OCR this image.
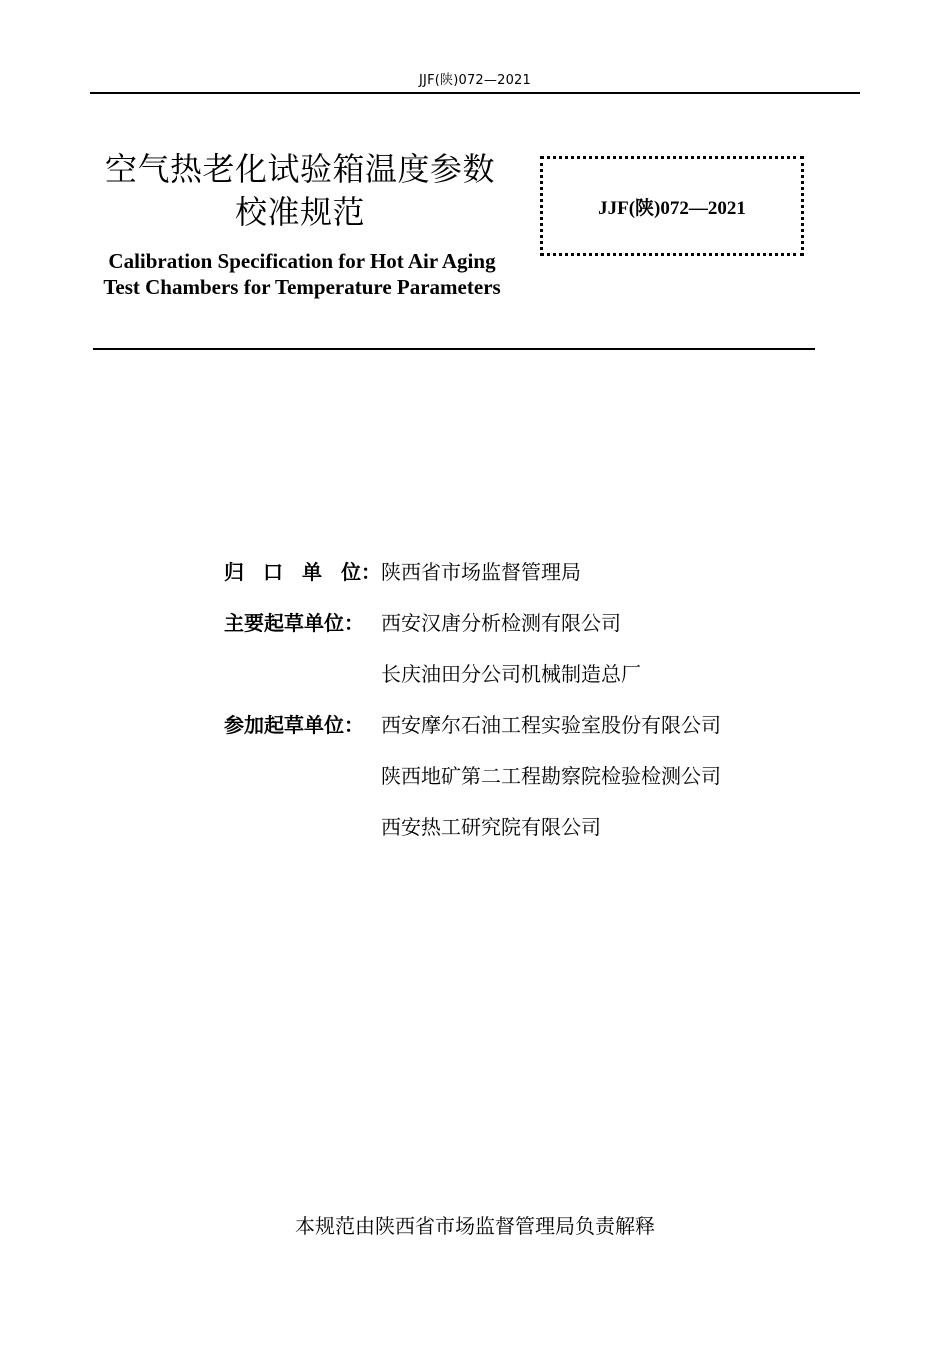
JJF(陕)072—2021
空气热老化试验箱温度参数
校准规范
Calibration Specification for Hot Air Aging
Test Chambers for Temperature Parameters
JJF(陕)072—2021
归 口 单 位： 陕西省市场监督管理局
主要起草单位： 西安汉唐分析检测有限公司
长庆油田分公司机械制造总厂
参加起草单位： 西安摩尔石油工程实验室股份有限公司
陕西地矿第二工程勘察院检验检测公司
西安热工研究院有限公司
本规范由陕西省市场监督管理局负责解释
